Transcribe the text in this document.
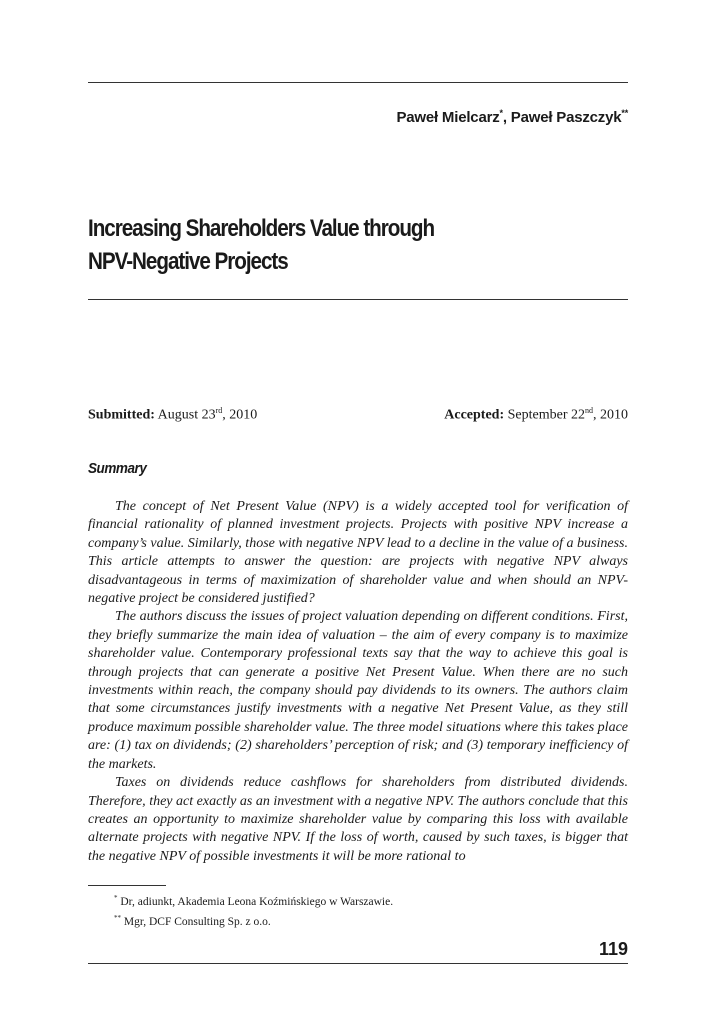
Paweł Mielcarz*, Paweł Paszczyk**
Increasing Shareholders Value through
NPV-Negative Projects
Submitted: August 23rd, 2010	Accepted: September 22nd, 2010
Summary

The concept of Net Present Value (NPV) is a widely accepted tool for verification of financial rationality of planned investment projects. Projects with positive NPV increase a company’s value. Similarly, those with negative NPV lead to a decline in the value of a business. This article attempts to answer the question: are projects with negative NPV always disadvantageous in terms of maximization of shareholder value and when should an NPV-negative project be considered justified?

The authors discuss the issues of project valuation depending on different conditions. First, they briefly summarize the main idea of valuation – the aim of every company is to maximize shareholder value. Contemporary professional texts say that the way to achieve this goal is through projects that can generate a positive Net Present Value. When there are no such investments within reach, the company should pay dividends to its owners. The authors claim that some circumstances justify investments with a negative Net Present Value, as they still produce maximum possible shareholder value. The three model situations where this takes place are: (1) tax on dividends; (2) shareholders’ perception of risk; and (3) temporary inefficiency of the markets.

Taxes on dividends reduce cashflows for shareholders from distributed dividends. Therefore, they act exactly as an investment with a negative NPV. The authors conclude that this creates an opportunity to maximize shareholder value by comparing this loss with available alternate projects with negative NPV. If the loss of worth, caused by such taxes, is bigger that the negative NPV of possible investments it will be more rational to

* Dr, adiunkt, Akademia Leona Koźmińskiego w Warszawie.
** Mgr, DCF Consulting Sp. z o.o.
119
